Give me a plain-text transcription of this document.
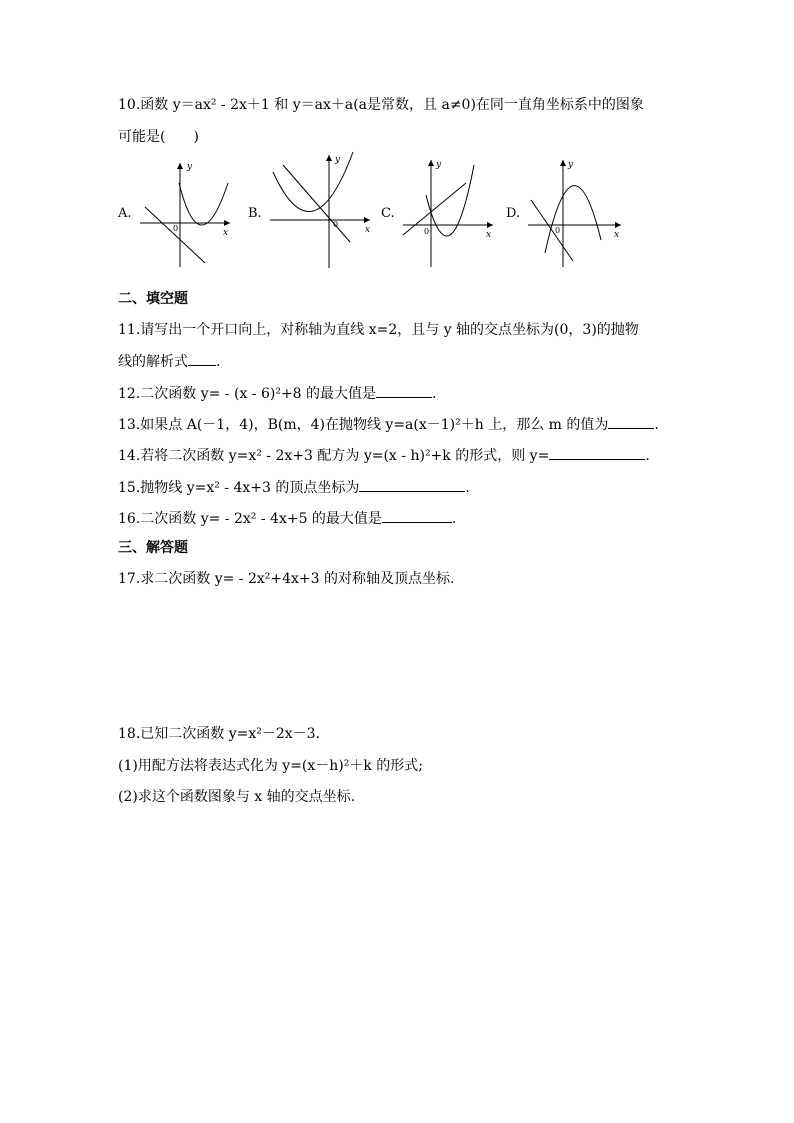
10.函数 y＝ax² - 2x＋1 和 y＝ax＋a(a是常数，且 a≠0)在同一直角坐标系中的图象
可能是(　　)
A.
y
x
0
B.
y
x
0
C.
y
x
0
D.
y
x
0
二、填空题
11.请写出一个开口向上，对称轴为直线 x=2，且与 y 轴的交点坐标为(0，3)的抛物
线的解析式 .
12.二次函数 y= - (x - 6)²+8 的最大值是	.
13.如果点 A(－1，4)，B(m，4)在抛物线 y=a(x－1)²＋h 上，那么 m 的值为	.
14.若将二次函数 y=x² - 2x+3 配方为 y=(x - h)²+k 的形式，则 y=	.
15.抛物线 y=x² - 4x+3 的顶点坐标为	.
16.二次函数 y= - 2x² - 4x+5 的最大值是	.
三、解答题
17.求二次函数 y= - 2x²+4x+3 的对称轴及顶点坐标.
18.已知二次函数 y=x²－2x－3.
(1)用配方法将表达式化为 y=(x－h)²＋k 的形式;
(2)求这个函数图象与 x 轴的交点坐标.
